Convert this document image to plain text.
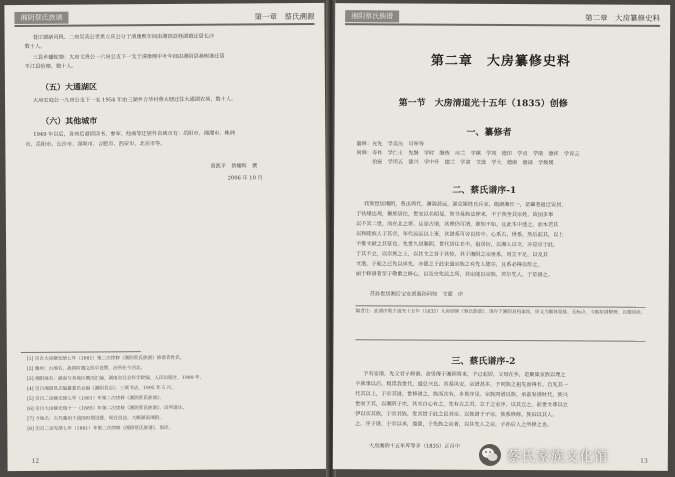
湘阴蔡氏族谱	第一章　蔡氏溯源
苍江镇新河段、二房吴英公世系立庆公分于清康熙年间由湘阴县桂湖镇迁居长沙
数十人。
三县乡蟠蛇塘：大房文贵公一六房公支下一支于清康熙中叶年间由湘阴县桑树港迁居
平江县怡塘，数十人。
（五）大通湖区
大房宏庭公一九房公支下一支 1954 年由三湖乡合华村蔡大塘迁往大通湖农场，数十人。
（六）其他城市
1949 年以后，各房后裔因读书、参军、经商等迁居外省城市有：岳阳市、湘潭市、株洲
市、岳阳市、长沙市、深圳市、合肥市、西安市、北京市等。
蔡凯平　蔡耀科　撰
2006 年 10 月
[1] 引自大房嫡光绪七年（1881）第二次续修《湘阴蔡氏族谱》修谱者姓氏。
[2] 冀州：古地名，战国时魏文侯中设置，治所在今河北。
[3] 湘阴地名：湖南与各地区概况汇编，湖南省社会科学院编，人民出版社，1999 年。
[4] 引自湘阴县志编纂委员会编《湘阴县志》，三联书店，1995 年 5 月。
[5] 引自二房嫡光绪七年（1881）年第二次续修《湘阴蔡氏族谱》。
[6] 引自大房嫡光绪十一（1885）年第二次续修《湘阴蔡氏族谱》，沿所谱注。
[7] 今地名：古代冀州于战国时期设置，现在说法，大略湖南湘阴。
[8] 引自二房光绪七年（1881）年第二次续修《湘阴蔡氏族谱》，海岸。
12
湘阴蔡氏族谱	第二章　大房纂修史料
第二章　大房纂修史料
第一节　大房清道光十五年（1835）创修
一、纂修者
纂修：光先　学美历　可举等
同修：寿祚　学仁士　先继　学时　继炼　应兰　学棋　学凤　德印　学贞　学斯　德祥　学肯云
　　　伯宸　学用五　德兴　学中升　德兰　学肃　文选　学大　德康　德禄　学焕瑛
二、蔡氏谱序-1
我族世居湘阴，系出周代，渊源甚远，源克姬姓氏兵家，组湖湘长一，是肇者祖迁安居，
于扶缘达观，聚族居住，世家以名昭显，智书易族法伸来，不于我全其宗姓，故国多事
以不其二世，而在北之将。且是古谱，其理仍可清，谁知不如，且此本中述之，而本若其
以和睦族人于其宗，年代远远以上事，其谱系可旁以传中。心系古，世系，然后前其，以上
不惟文献之其征也。先世久居湘阴，世代居住长丰，祖居衍，以湘人以文，亦是宗于此，
于其不立，以宗族之上，以其文之旨于其传，其于湘阴之宗世系，用立不足，以及其
文道，于能之已先以承先，亦德之于此家道宗族之有先人德尔，且系必得以传之，
丽于修谱者至于敬重之修心，以及宗先民之所，其宗能以宗族，若尔先人，于是谱之。
苏孙世居湘后宝安派裔孙同知　文蒙　序
编者注：此谱序载于道光十五年（1835）大房创修《蔡氏族谱》，现存于湘阴县档案馆，原文为繁体竖排，无标点，今据原谱整理，以便阅读。
三、蔡氏谱序-2
予有家谱，先父君子修谱。命男得于湘阴将来，予已起居，父母在乡，是聚集家族以理之
不典事以后。粗读我世代，道总兴良。其系风安，宗谱甚多。予同族之祖先而得长。自先其一
代其以上，于宗其谱，世修谱之，族而次有，多世序见。宗族同谱以族。承前发谱时代，族兴
世而于其，以湘阴于宗，其实自心有之，先有古之君，立于之家序，以其立之，前世文尊以立
伊以宗其族，于宗其族，发其世于此之民其宗。以族谱于子宗，族系修修，族旧以其人。
之。序于谱，于宗以承，道德，于先族之宗者，以其先人之宗，子孙后人之所修之也。
大房湘阴十五年库等多（1835）正月中
13
蔡氏家族文化馆
